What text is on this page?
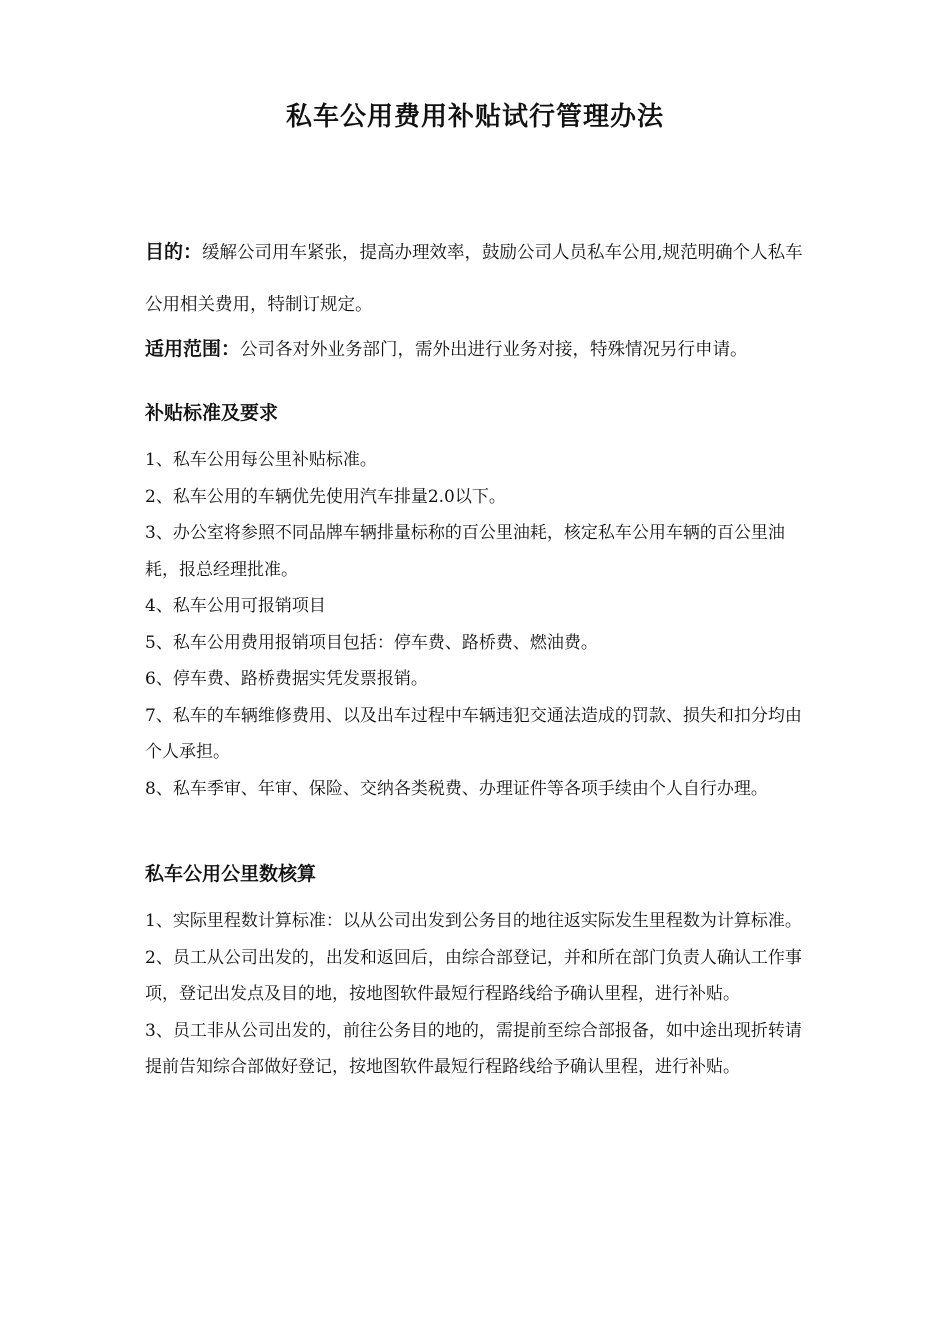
私车公用费用补贴试行管理办法
目的：缓解公司用车紧张，提高办理效率，鼓励公司人员私车公用,规范明确个人私车公用相关费用，特制订规定。
适用范围：公司各对外业务部门，需外出进行业务对接，特殊情况另行申请。
补贴标准及要求
1、私车公用每公里补贴标准。
2、私车公用的车辆优先使用汽车排量2.0以下。
3、办公室将参照不同品牌车辆排量标称的百公里油耗，核定私车公用车辆的百公里油耗，报总经理批准。
4、私车公用可报销项目
5、私车公用费用报销项目包括：停车费、路桥费、燃油费。
6、停车费、路桥费据实凭发票报销。
7、私车的车辆维修费用、以及出车过程中车辆违犯交通法造成的罚款、损失和扣分均由个人承担。
8、私车季审、年审、保险、交纳各类税费、办理证件等各项手续由个人自行办理。
私车公用公里数核算
1、实际里程数计算标准：以从公司出发到公务目的地往返实际发生里程数为计算标准。
2、员工从公司出发的，出发和返回后，由综合部登记，并和所在部门负责人确认工作事项，登记出发点及目的地，按地图软件最短行程路线给予确认里程，进行补贴。
3、员工非从公司出发的，前往公务目的地的，需提前至综合部报备，如中途出现折转请提前告知综合部做好登记，按地图软件最短行程路线给予确认里程，进行补贴。
